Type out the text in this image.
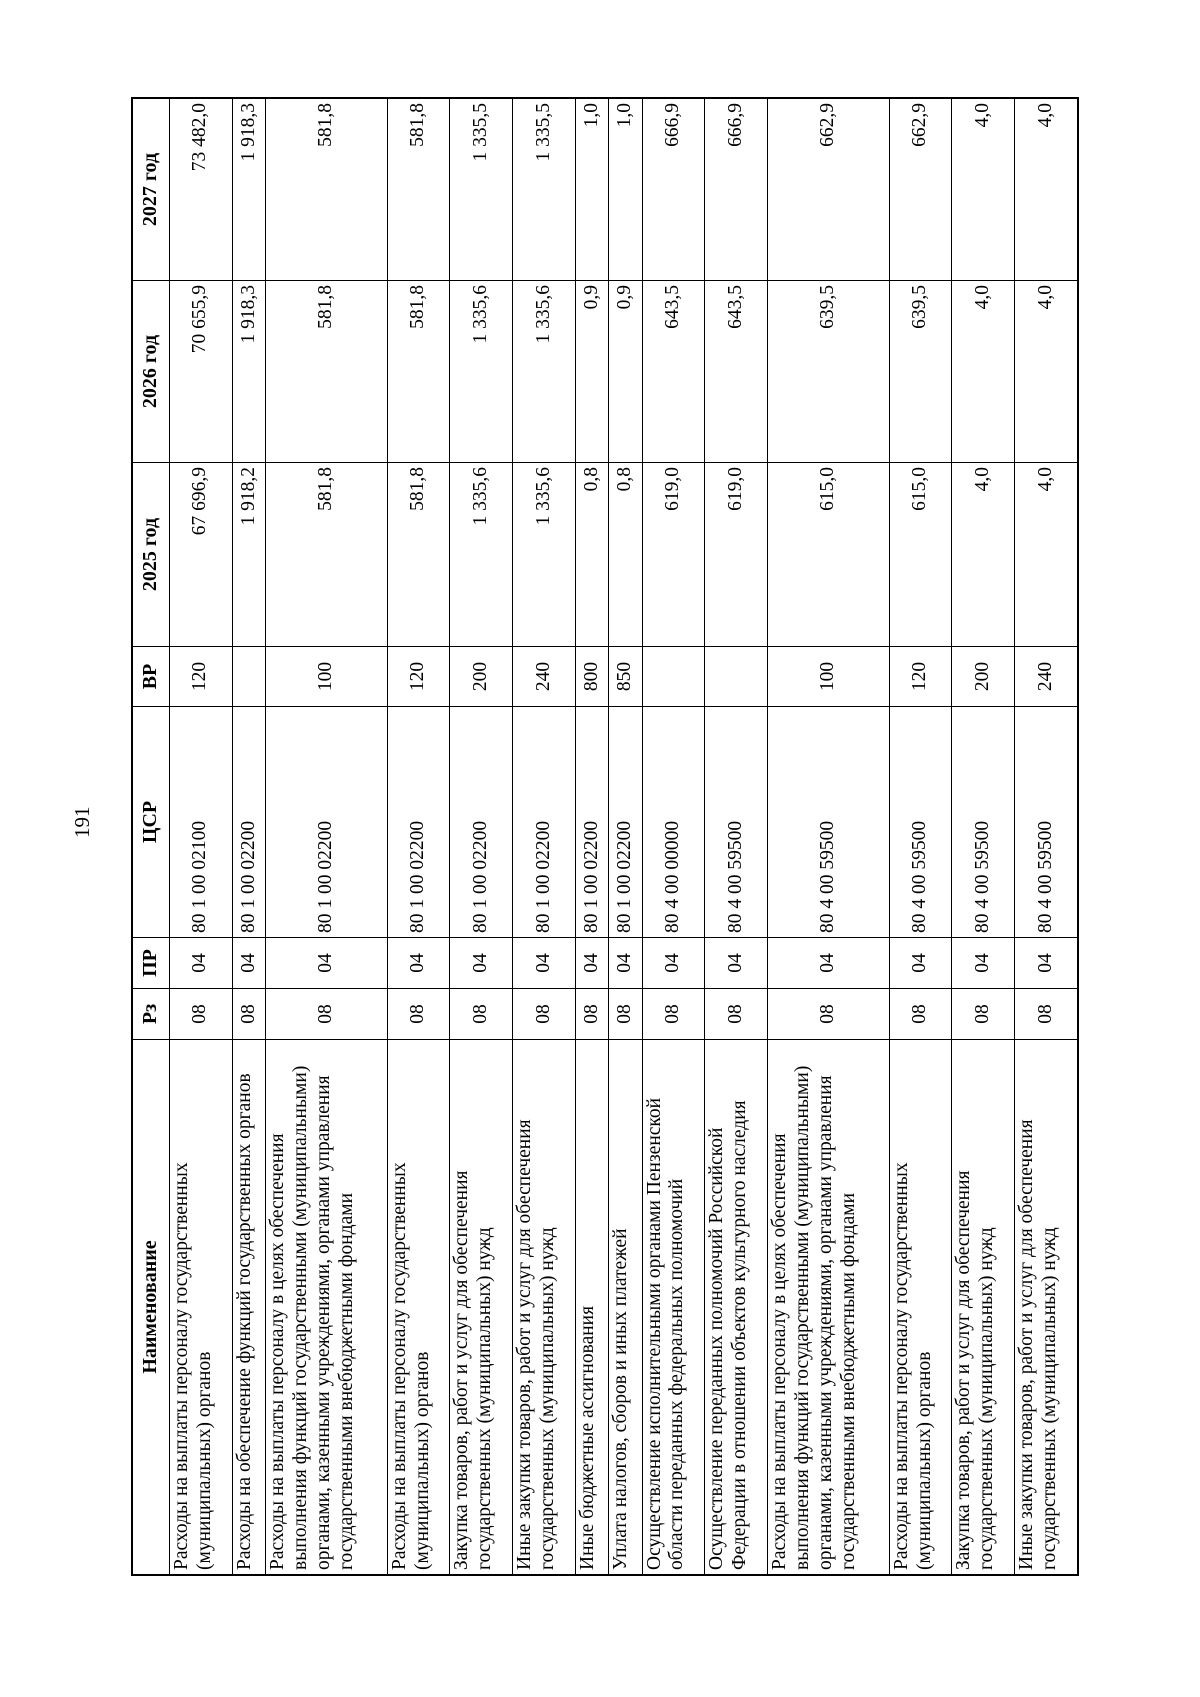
191
Наименование	Рз	ПР	ЦСР	ВР	2025 год	2026 год	2027 год
Расходы на выплаты персоналу государственных (муниципальных) органов	08	04	80 1 00 02100	120	67 696,9	70 655,9	73 482,0
Расходы на обеспечение функций государственных органов	08	04	80 1 00 02200		1 918,2	1 918,3	1 918,3
Расходы на выплаты персоналу в целях обеспечения выполнения функций государственными (муниципальными) органами, казенными учреждениями, органами управления государственными внебюджетными фондами	08	04	80 1 00 02200	100	581,8	581,8	581,8
Расходы на выплаты персоналу государственных (муниципальных) органов	08	04	80 1 00 02200	120	581,8	581,8	581,8
Закупка товаров, работ и услуг для обеспечения государственных (муниципальных) нужд	08	04	80 1 00 02200	200	1 335,6	1 335,6	1 335,5
Иные закупки товаров, работ и услуг для обеспечения государственных (муниципальных) нужд	08	04	80 1 00 02200	240	1 335,6	1 335,6	1 335,5
Иные бюджетные ассигнования	08	04	80 1 00 02200	800	0,8	0,9	1,0
Уплата налогов, сборов и иных платежей	08	04	80 1 00 02200	850	0,8	0,9	1,0
Осуществление исполнительными органами Пензенской области переданных федеральных полномочий	08	04	80 4 00 00000		619,0	643,5	666,9
Осуществление переданных полномочий Российской Федерации в отношении объектов культурного наследия	08	04	80 4 00 59500		619,0	643,5	666,9
Расходы на выплаты персоналу в целях обеспечения выполнения функций государственными (муниципальными) органами, казенными учреждениями, органами управления государственными внебюджетными фондами	08	04	80 4 00 59500	100	615,0	639,5	662,9
Расходы на выплаты персоналу государственных (муниципальных) органов	08	04	80 4 00 59500	120	615,0	639,5	662,9
Закупка товаров, работ и услуг для обеспечения государственных (муниципальных) нужд	08	04	80 4 00 59500	200	4,0	4,0	4,0
Иные закупки товаров, работ и услуг для обеспечения государственных (муниципальных) нужд	08	04	80 4 00 59500	240	4,0	4,0	4,0
